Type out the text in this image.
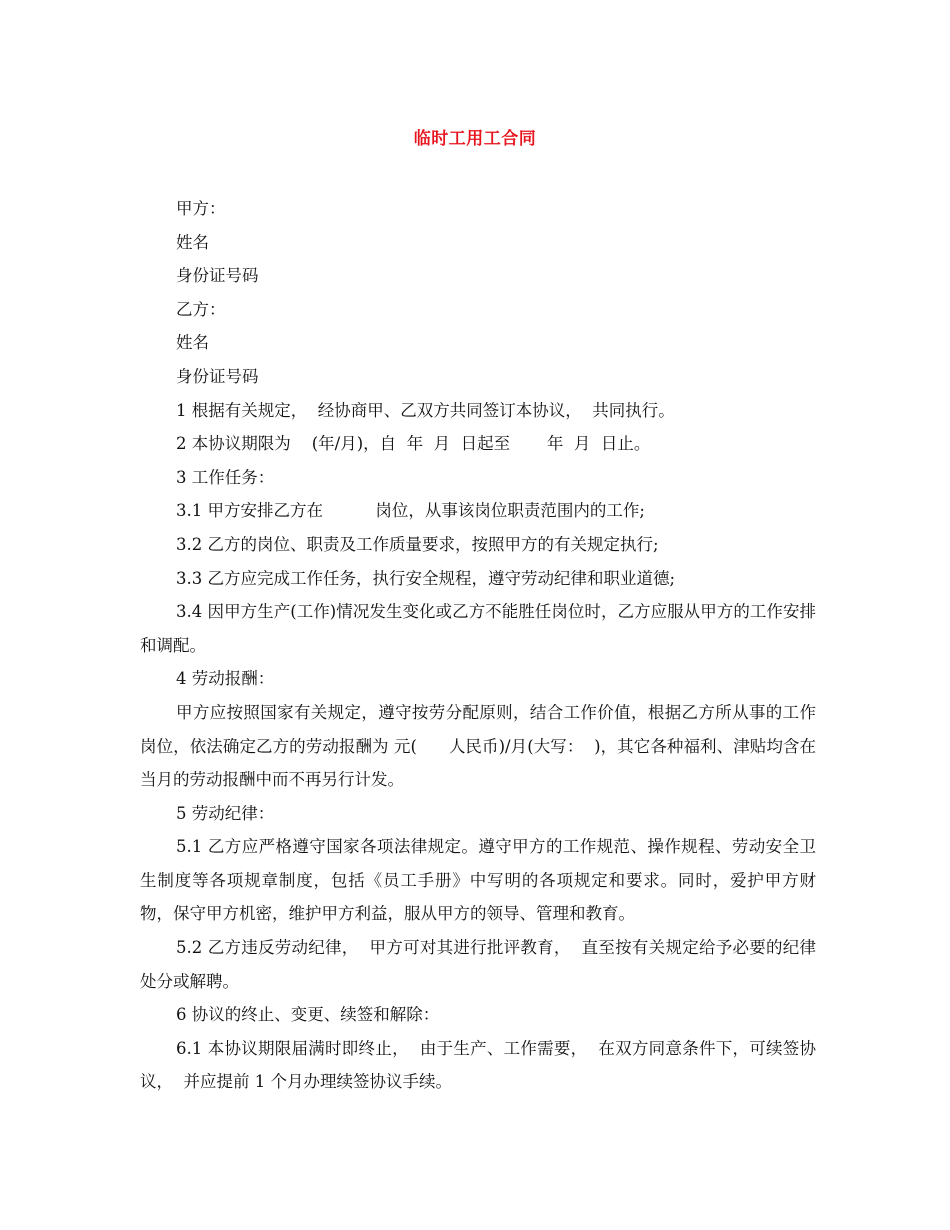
临时工用工合同

甲方：

姓名

身份证号码

乙方：

姓名

身份证号码

1 根据有关规定，  经协商甲、乙双方共同签订本协议，  共同执行。

2 本协议期限为    (年/月)，自  年  月  日起至       年  月  日止。

3 工作任务：

3.1 甲方安排乙方在          岗位，从事该岗位职责范围内的工作;

3.2 乙方的岗位、职责及工作质量要求，按照甲方的有关规定执行;

3.3 乙方应完成工作任务，执行安全规程，遵守劳动纪律和职业道德;

3.4 因甲方生产(工作)情况发生变化或乙方不能胜任岗位时，乙方应服从甲方的工作安排和调配。

4 劳动报酬：

甲方应按照国家有关规定，遵守按劳分配原则，结合工作价值，根据乙方所从事的工作岗位，依法确定乙方的劳动报酬为 元(      人民币)/月(大写：  )，其它各种福利、津贴均含在当月的劳动报酬中而不再另行计发。

5 劳动纪律：

5.1 乙方应严格遵守国家各项法律规定。遵守甲方的工作规范、操作规程、劳动安全卫生制度等各项规章制度，包括《员工手册》中写明的各项规定和要求。同时，爱护甲方财物，保守甲方机密，维护甲方利益，服从甲方的领导、管理和教育。

5.2 乙方违反劳动纪律，  甲方可对其进行批评教育，  直至按有关规定给予必要的纪律处分或解聘。

6 协议的终止、变更、续签和解除：

6.1 本协议期限届满时即终止，  由于生产、工作需要，  在双方同意条件下，可续签协议，  并应提前 1 个月办理续签协议手续。
